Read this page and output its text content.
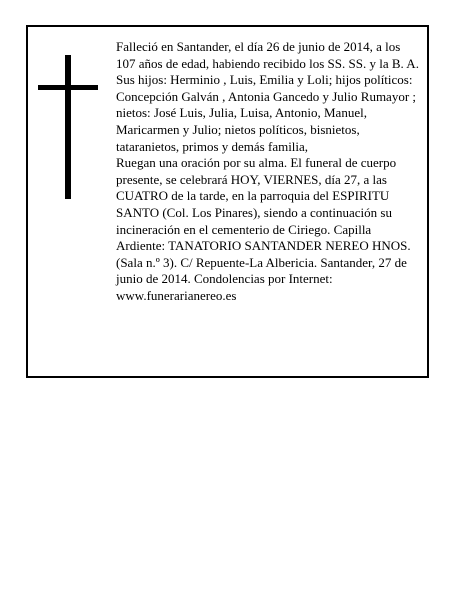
Falleció en Santander, el día 26 de junio de 2014, a los 107 años de edad, habiendo recibido los SS. SS. y la B. A.

Sus hijos: Herminio , Luis, Emilia y Loli; hijos políticos: Concepción Galván , Antonia Gancedo y Julio Rumayor ; nietos: José Luis, Julia, Luisa, Antonio, Manuel, Maricarmen y Julio; nietos políticos, bisnietos, tataranietos, primos y demás familia,

Ruegan una oración por su alma. El funeral de cuerpo presente, se celebrará HOY, VIERNES, día 27, a las CUATRO de la tarde, en la parroquia del ESPIRITU SANTO (Col. Los Pinares), siendo a continuación su incineración en el cementerio de Ciriego. Capilla Ardiente: TANATORIO SANTANDER NEREO HNOS. (Sala n.º 3). C/ Repuente-La Albericia. Santander, 27 de junio de 2014. Condolencias por Internet: www.funerarianereo.es
